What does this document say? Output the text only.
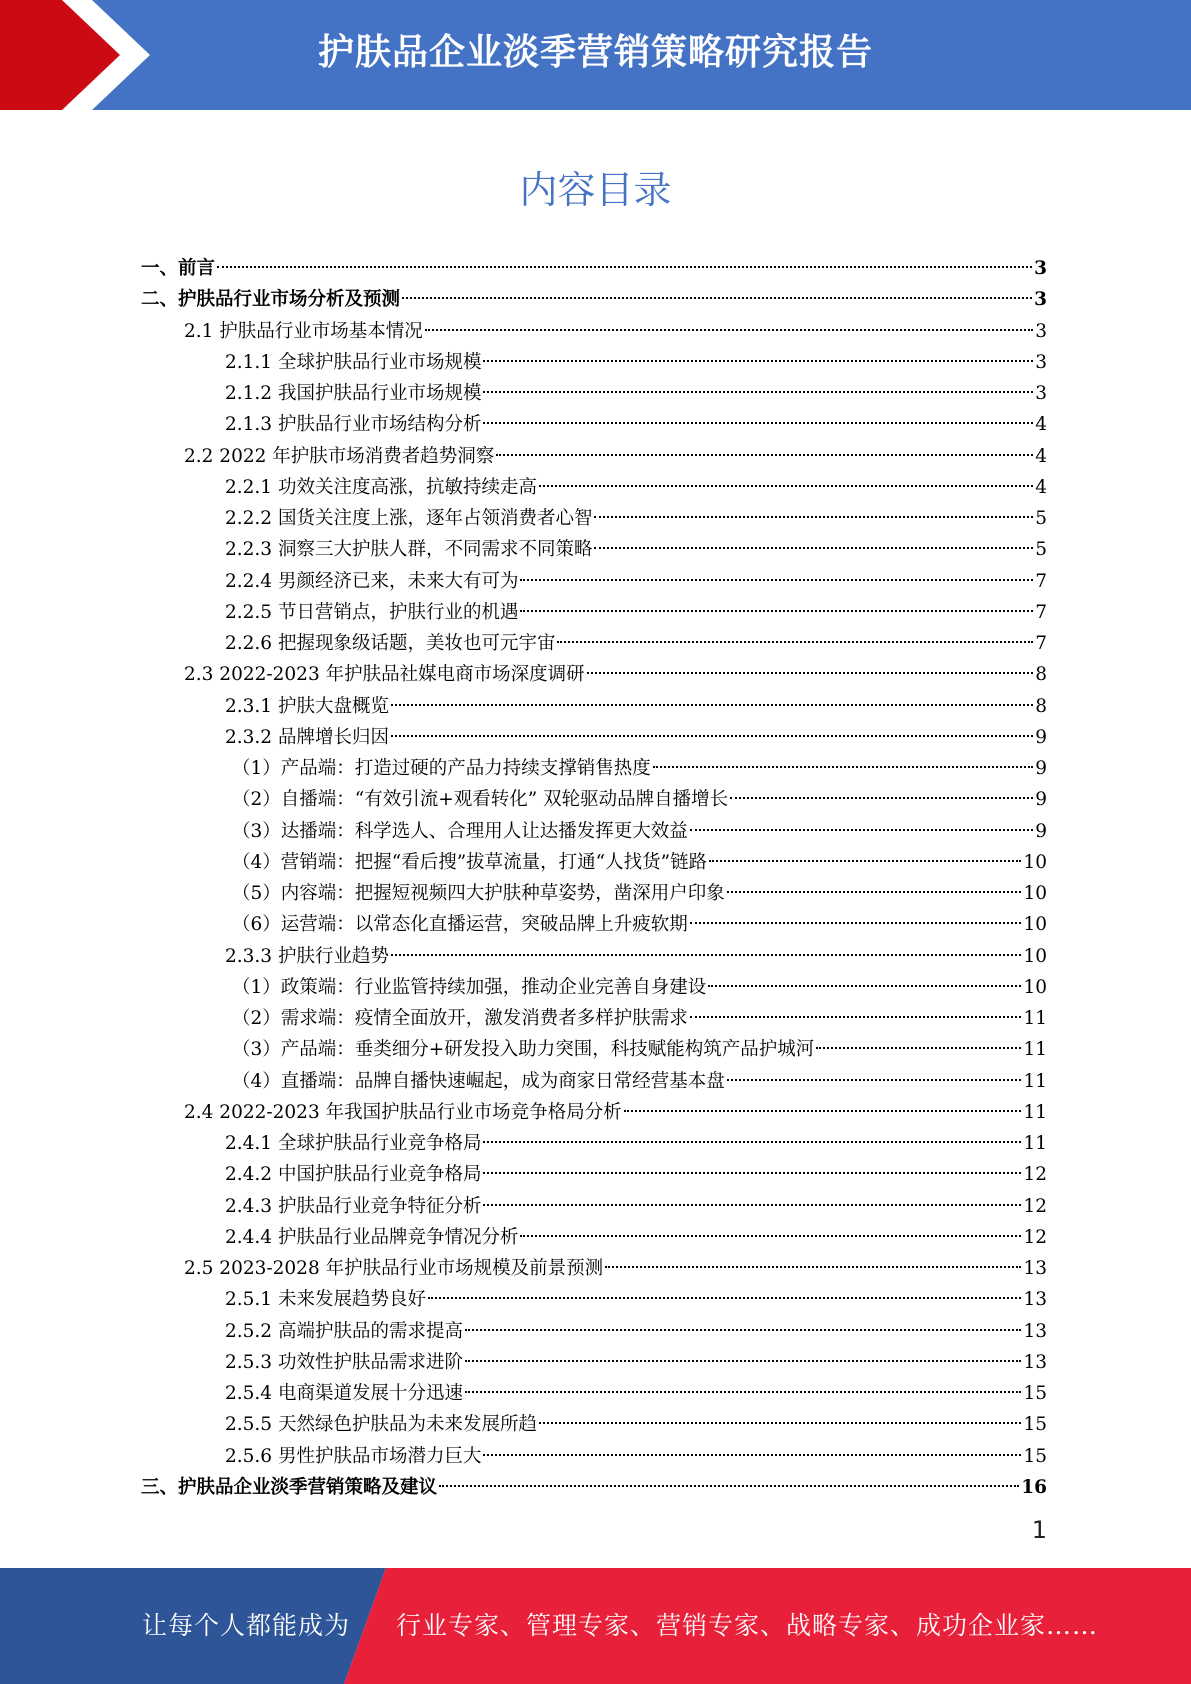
护肤品企业淡季营销策略研究报告
内容目录
一、前言	3
二、护肤品行业市场分析及预测	3
2.1 护肤品行业市场基本情况	3
2.1.1 全球护肤品行业市场规模	3
2.1.2 我国护肤品行业市场规模	3
2.1.3 护肤品行业市场结构分析	4
2.2 2022 年护肤市场消费者趋势洞察	4
2.2.1 功效关注度高涨，抗敏持续走高	4
2.2.2 国货关注度上涨，逐年占领消费者心智	5
2.2.3 洞察三大护肤人群，不同需求不同策略	5
2.2.4 男颜经济已来，未来大有可为	7
2.2.5 节日营销点，护肤行业的机遇	7
2.2.6 把握现象级话题，美妆也可元宇宙	7
2.3 2022-2023 年护肤品社媒电商市场深度调研	8
2.3.1 护肤大盘概览	8
2.3.2 品牌增长归因	9
（1）产品端：打造过硬的产品力持续支撑销售热度	9
（2）自播端：“有效引流+观看转化” 双轮驱动品牌自播增长	9
（3）达播端：科学选人、合理用人让达播发挥更大效益	9
（4）营销端：把握“看后搜”拔草流量，打通“人找货”链路	10
（5）内容端：把握短视频四大护肤种草姿势，凿深用户印象	10
（6）运营端：以常态化直播运营，突破品牌上升疲软期	10
2.3.3 护肤行业趋势	10
（1）政策端：行业监管持续加强，推动企业完善自身建设	10
（2）需求端：疫情全面放开，激发消费者多样护肤需求	11
（3）产品端：垂类细分+研发投入助力突围，科技赋能构筑产品护城河	11
（4）直播端：品牌自播快速崛起，成为商家日常经营基本盘	11
2.4 2022-2023 年我国护肤品行业市场竞争格局分析	11
2.4.1 全球护肤品行业竞争格局	11
2.4.2 中国护肤品行业竞争格局	12
2.4.3 护肤品行业竞争特征分析	12
2.4.4 护肤品行业品牌竞争情况分析	12
2.5 2023-2028 年护肤品行业市场规模及前景预测	13
2.5.1 未来发展趋势良好	13
2.5.2 高端护肤品的需求提高	13
2.5.3 功效性护肤品需求进阶	13
2.5.4 电商渠道发展十分迅速	15
2.5.5 天然绿色护肤品为未来发展所趋	15
2.5.6 男性护肤品市场潜力巨大	15
三、护肤品企业淡季营销策略及建议	16
1
让每个人都能成为 行业专家、管理专家、营销专家、战略专家、成功企业家……
